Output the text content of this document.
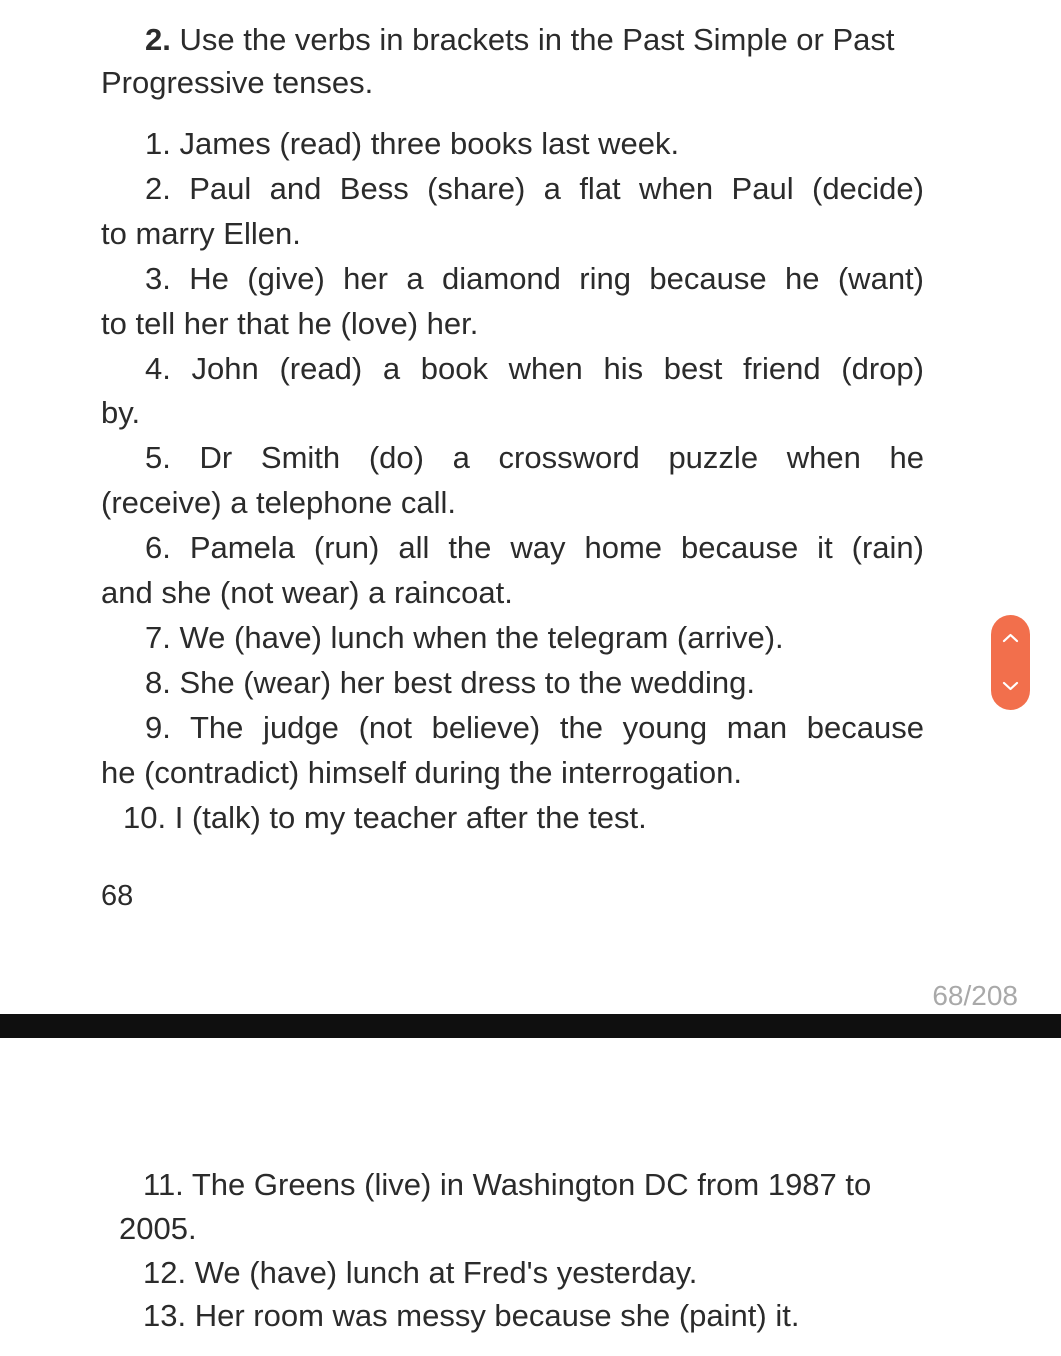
2. Use the verbs in brackets in the Past Simple or Past
Progressive tenses.
1. James (read) three books last week.
2. Paul and Bess (share) a flat when Paul (decide)
to marry Ellen.
3. He (give) her a diamond ring because he (want)
to tell her that he (love) her.
4. John (read) a book when his best friend (drop)
by.
5. Dr Smith (do) a crossword puzzle when he
(receive) a telephone call.
6. Pamela (run) all the way home because it (rain)
and she (not wear) a raincoat.
7. We (have) lunch when the telegram (arrive).
8. She (wear) her best dress to the wedding.
9. The judge (not believe) the young man because
he (contradict) himself during the interrogation.
10. I (talk) to my teacher after the test.
68
68/208
11. The Greens (live) in Washington DC from 1987 to
2005.
12. We (have) lunch at Fred's yesterday.
13. Her room was messy because she (paint) it.
